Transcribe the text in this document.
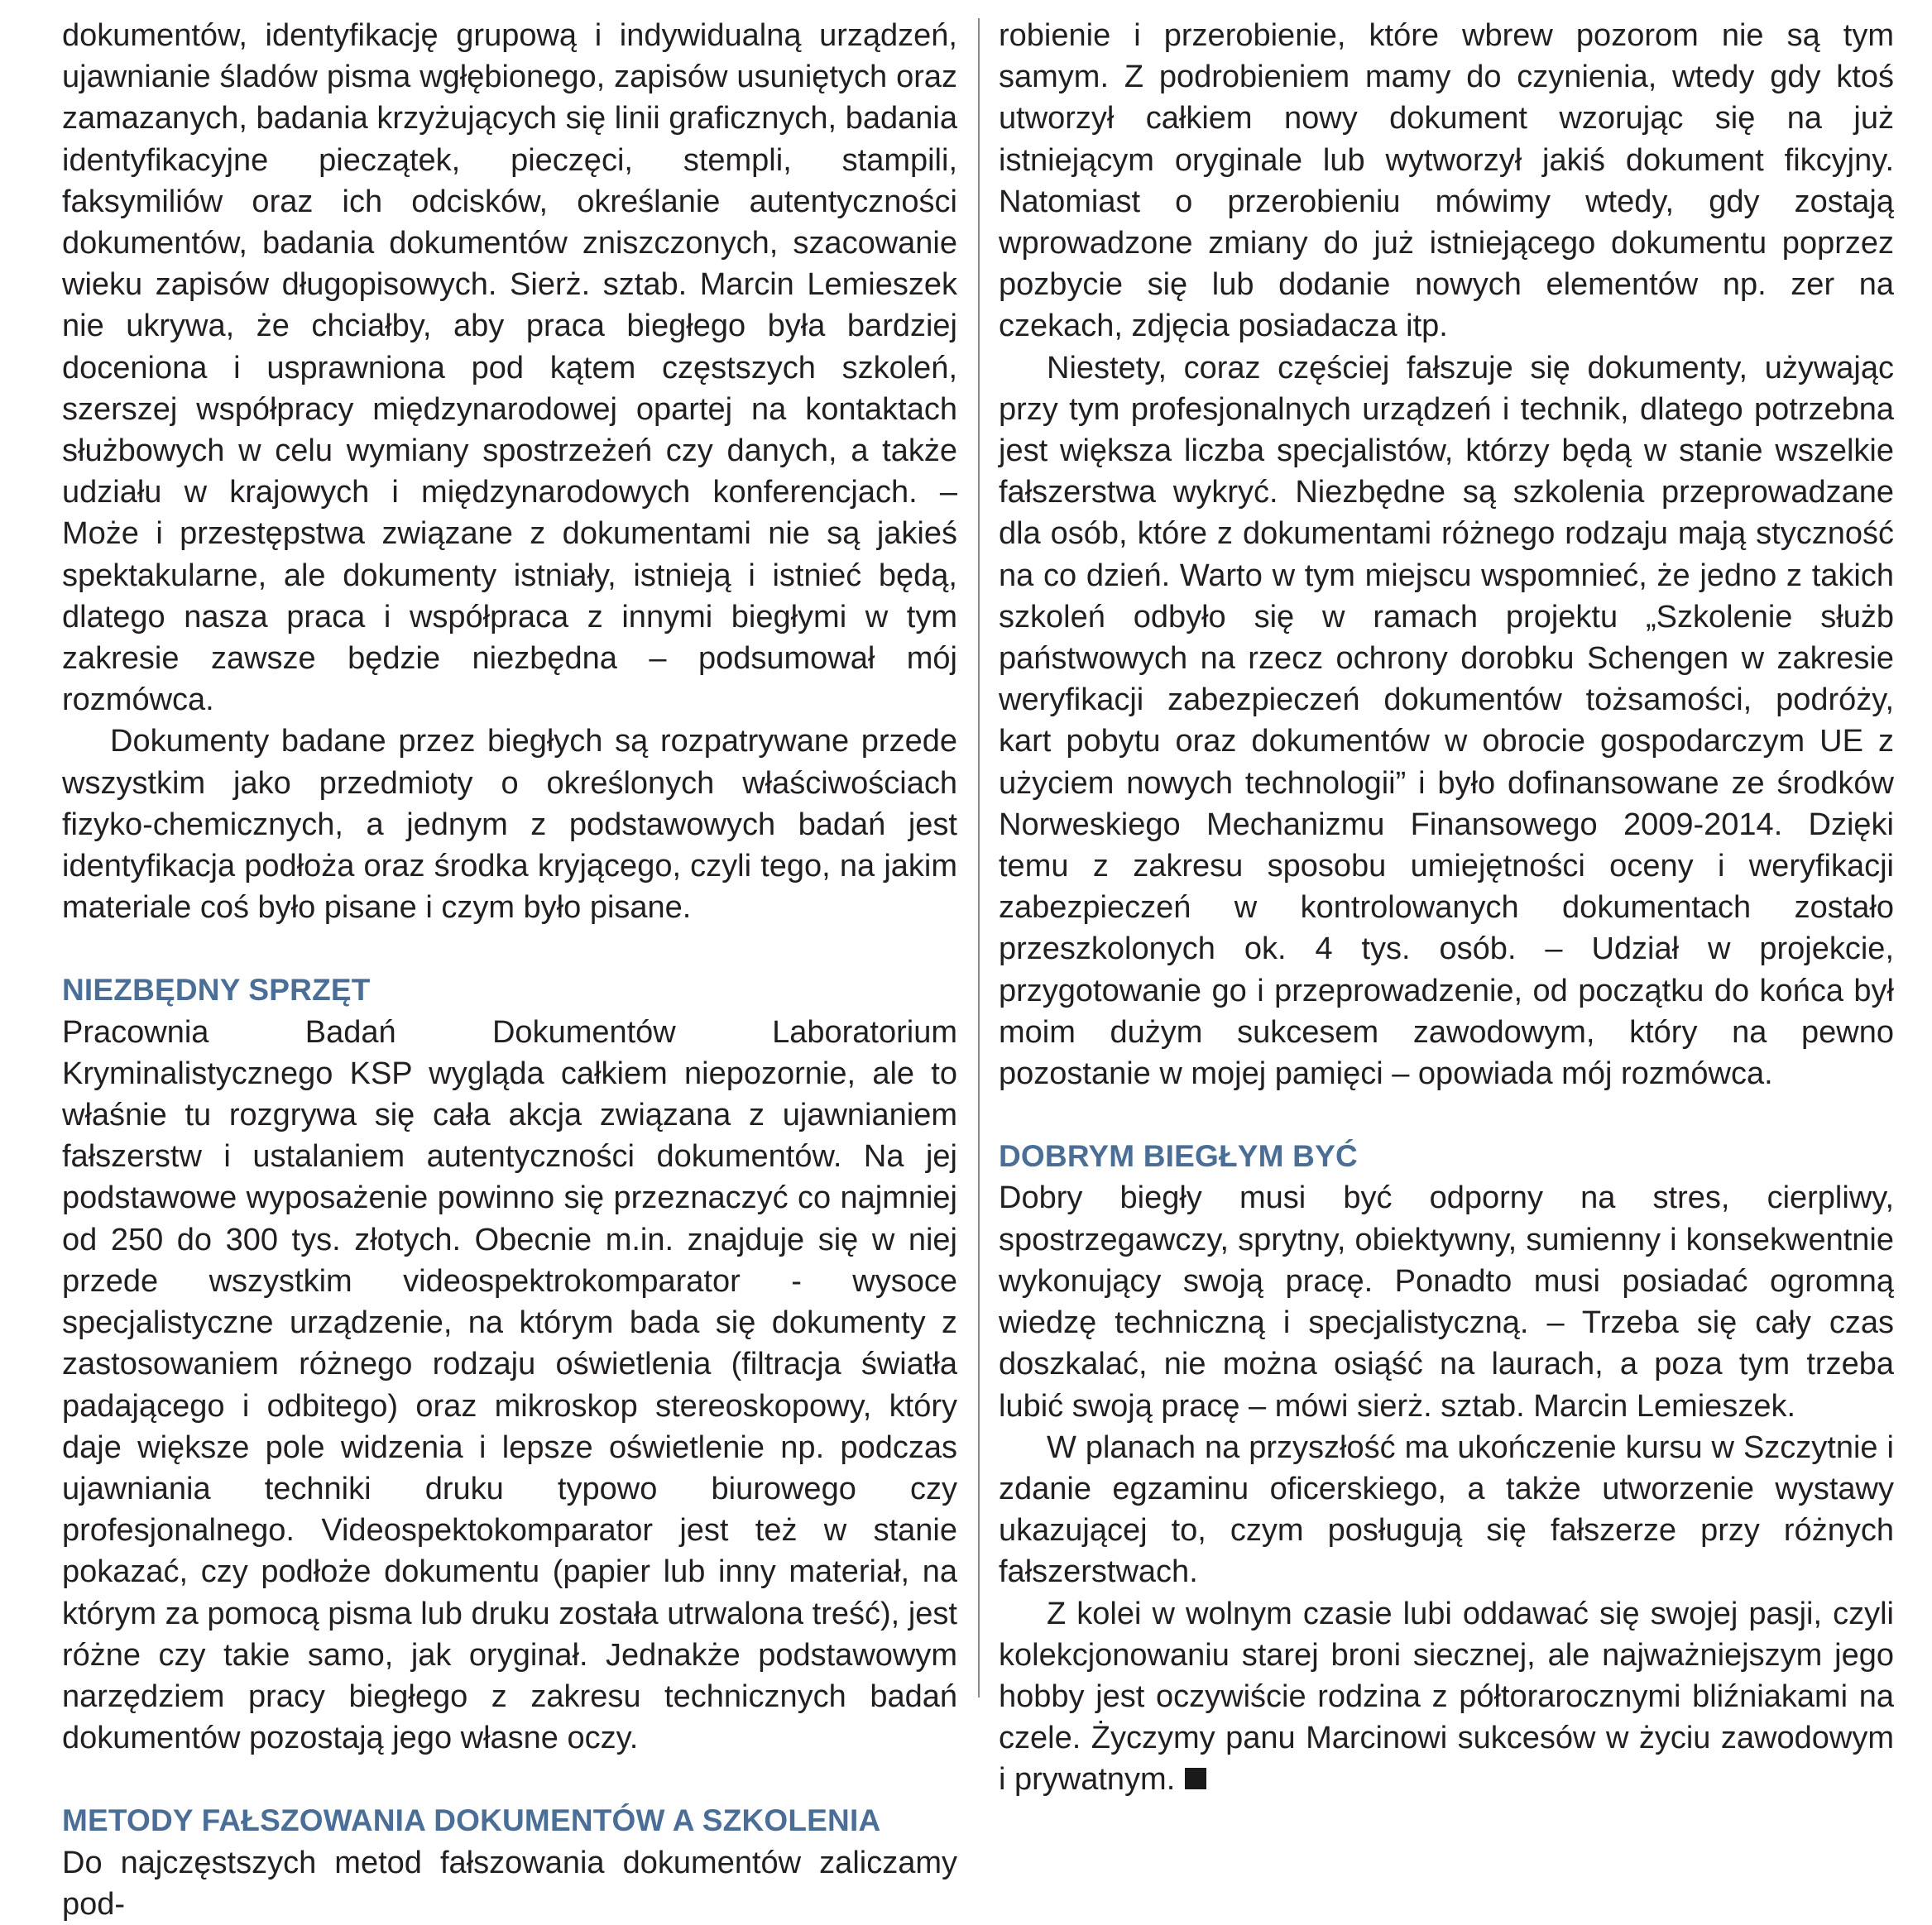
dokumentów, identyfikację grupową i indywidualną urządzeń, ujawnianie śladów pisma wgłębionego, zapisów usuniętych oraz zamazanych, badania krzyżujących się linii graficznych, badania identyfikacyjne pieczątek, pieczęci, stempli, stampili, faksymiliów oraz ich odcisków, określanie autentyczności dokumentów, badania dokumentów zniszczonych, szacowanie wieku zapisów długopisowych. Sierż. sztab. Marcin Lemieszek nie ukrywa, że chciałby, aby praca biegłego była bardziej doceniona i usprawniona pod kątem częstszych szkoleń, szerszej współpracy międzynarodowej opartej na kontaktach służbowych w celu wymiany spostrzeżeń czy danych, a także udziału w krajowych i międzynarodowych konferencjach. – Może i przestępstwa związane z dokumentami nie są jakieś spektakularne, ale dokumenty istniały, istnieją i istnieć będą, dlatego nasza praca i współpraca z innymi biegłymi w tym zakresie zawsze będzie niezbędna – podsumował mój rozmówca.

Dokumenty badane przez biegłych są rozpatrywane przede wszystkim jako przedmioty o określonych właściwościach fizyko-chemicznych, a jednym z podstawowych badań jest identyfikacja podłoża oraz środka kryjącego, czyli tego, na jakim materiale coś było pisane i czym było pisane.

NIEZBĘDNY SPRZĘT

Pracownia Badań Dokumentów Laboratorium Kryminalistycznego KSP wygląda całkiem niepozornie, ale to właśnie tu rozgrywa się cała akcja związana z ujawnianiem fałszerstw i ustalaniem autentyczności dokumentów. Na jej podstawowe wyposażenie powinno się przeznaczyć co najmniej od 250 do 300 tys. złotych. Obecnie m.in. znajduje się w niej przede wszystkim videospektrokomparator - wysoce specjalistyczne urządzenie, na którym bada się dokumenty z zastosowaniem różnego rodzaju oświetlenia (filtracja światła padającego i odbitego) oraz mikroskop stereoskopowy, który daje większe pole widzenia i lepsze oświetlenie np. podczas ujawniania techniki druku typowo biurowego czy profesjonalnego. Videospektokomparator jest też w stanie pokazać, czy podłoże dokumentu (papier lub inny materiał, na którym za pomocą pisma lub druku została utrwalona treść), jest różne czy takie samo, jak oryginał. Jednakże podstawowym narzędziem pracy biegłego z zakresu technicznych badań dokumentów pozostają jego własne oczy.

METODY FAŁSZOWANIA DOKUMENTÓW A SZKOLENIA

Do najczęstszych metod fałszowania dokumentów zaliczamy pod-

robienie i przerobienie, które wbrew pozorom nie są tym samym. Z podrobieniem mamy do czynienia, wtedy gdy ktoś utworzył całkiem nowy dokument wzorując się na już istniejącym oryginale lub wytworzył jakiś dokument fikcyjny. Natomiast o przerobieniu mówimy wtedy, gdy zostają wprowadzone zmiany do już istniejącego dokumentu poprzez pozbycie się lub dodanie nowych elementów np. zer na czekach, zdjęcia posiadacza itp.

Niestety, coraz częściej fałszuje się dokumenty, używając przy tym profesjonalnych urządzeń i technik, dlatego potrzebna jest większa liczba specjalistów, którzy będą w stanie wszelkie fałszerstwa wykryć. Niezbędne są szkolenia przeprowadzane dla osób, które z dokumentami różnego rodzaju mają styczność na co dzień. Warto w tym miejscu wspomnieć, że jedno z takich szkoleń odbyło się w ramach projektu „Szkolenie służb państwowych na rzecz ochrony dorobku Schengen w zakresie weryfikacji zabezpieczeń dokumentów tożsamości, podróży, kart pobytu oraz dokumentów w obrocie gospodarczym UE z użyciem nowych technologii” i było dofinansowane ze środków Norweskiego Mechanizmu Finansowego 2009-2014. Dzięki temu z zakresu sposobu umiejętności oceny i weryfikacji zabezpieczeń w kontrolowanych dokumentach zostało przeszkolonych ok. 4 tys. osób. – Udział w projekcie, przygotowanie go i przeprowadzenie, od początku do końca był moim dużym sukcesem zawodowym, który na pewno pozostanie w mojej pamięci – opowiada mój rozmówca.

DOBRYM BIEGŁYM BYĆ

Dobry biegły musi być odporny na stres, cierpliwy, spostrzegawczy, sprytny, obiektywny, sumienny i konsekwentnie wykonujący swoją pracę. Ponadto musi posiadać ogromną wiedzę techniczną i specjalistyczną. – Trzeba się cały czas doszkalać, nie można osiąść na laurach, a poza tym trzeba lubić swoją pracę – mówi sierż. sztab. Marcin Lemieszek.

W planach na przyszłość ma ukończenie kursu w Szczytnie i zdanie egzaminu oficerskiego, a także utworzenie wystawy ukazującej to, czym posługują się fałszerze przy różnych fałszerstwach.

Z kolei w wolnym czasie lubi oddawać się swojej pasji, czyli kolekcjonowaniu starej broni siecznej, ale najważniejszym jego hobby jest oczywiście rodzina z półtorarocznymi bliźniakami na czele. Życzymy panu Marcinowi sukcesów w życiu zawodowym i prywatnym.
